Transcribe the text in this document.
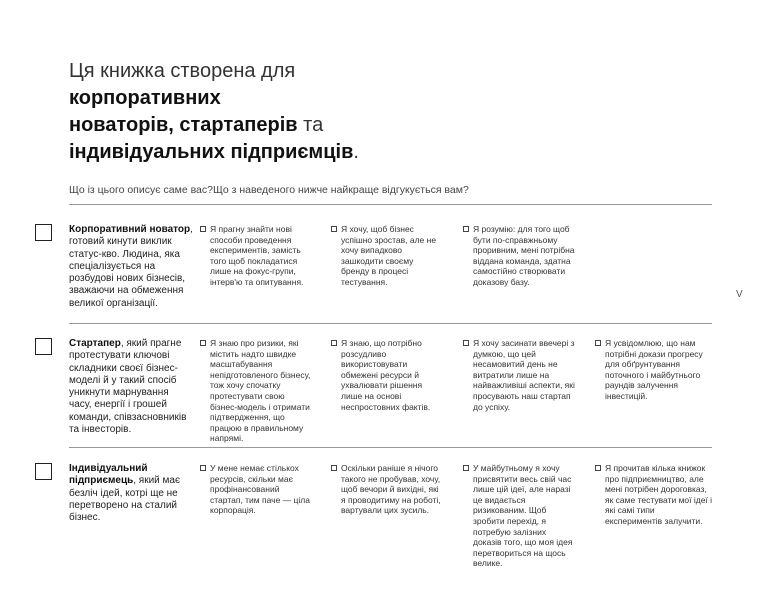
Ця книжка створена для
корпоративних
новаторів, стартаперів та
індивідуальних підприємців.
Що із цього описує саме вас? Що з наведеного нижче найкраще відгукується вам?
V
Корпоративний новатор, готовий кинути виклик статус-кво. Людина, яка спеціалізується на розбудові нових бізнесів, зважаючи на обмеження великої організації.
Я прагну знайти нові способи проведення експериментів, замість того щоб покладатися лише на фокус-групи, інтерв'ю та опитування.
Я хочу, щоб бізнес успішно зростав, але не хочу випадково зашкодити своєму бренду в процесі тестування.
Я розумію: для того щоб бути по-справжньому проривним, мені потрібна віддана команда, здатна самостійно створювати доказову базу.
Стартапер, який прагне протестувати ключові складники своєї бізнес-моделі й у такий спосіб уникнути марнування часу, енергії і грошей команди, співзасновників та інвесторів.
Я знаю про ризики, які містить надто швидке масштабування непідготовленого бізнесу, тож хочу спочатку протестувати свою бізнес-модель і отримати підтвердження, що працюю в правильному напрямі.
Я знаю, що потрібно розсудливо використовувати обмежені ресурси й ухвалювати рішення лише на основі неспростовних фактів.
Я хочу засинати ввечері з думкою, що цей несамовитий день не витратили лише на найважливіші аспекти, які просувають наш стартап до успіху.
Я усвідомлюю, що нам потрібні докази прогресу для обґрунтування поточного і майбутнього раундів залучення інвестицій.
Індивідуальний підприємець, який має безліч ідей, котрі ще не перетворено на сталий бізнес.
У мене немає стількох ресурсів, скільки має профінансований стартап, тим паче — ціла корпорація.
Оскільки раніше я нічого такого не пробував, хочу, щоб вечори й вихідні, які я проводитиму на роботі, вартували цих зусиль.
У майбутньому я хочу присвятити весь свій час лише цій ідеї, але наразі це видається ризикованим. Щоб зробити перехід, я потребую залізних доказів того, що моя ідея перетвориться на щось велике.
Я прочитав кілька книжок про підприємництво, але мені потрібен дороговказ, як саме тестувати мої ідеї і які самі типи експериментів залучити.
